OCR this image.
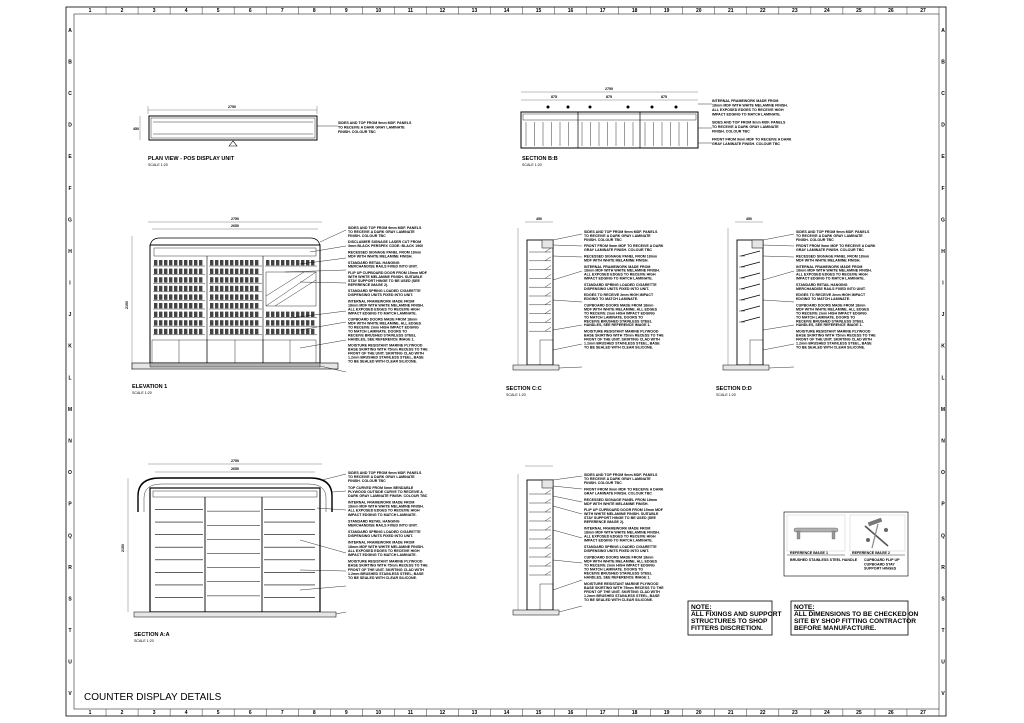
1	2	3	4	5	6	7	8	9	10	11	12	13	14	15	16	17	18	19	20	21	22	23	24	25	26	27
1	2	3	4	5	6	7	8	9	10	11	12	13	14	15	16	17	18	19	20	21	22	23	24	25	26	27
A
B
C
D
E
F
G
H
I
J
K
L
M
N
O
P
Q
R
S
T
U
V
A
B
C
D
E
F
G
H
I
J
K
L
M
N
O
P
Q
R
S
T
U
V
2750
450
SIDES AND TOP FROM 9mm MDF. PANELS TO RECEIVE A DARK GRAY LAMINATE FINISH. COLOUR TBC
PLAN VIEW - POS DISPLAY UNIT
SCALE 1:20
2750
875	875	875
INTERNAL FRAMEWORK MADE FROM 18mm MDF WITH WHITE MELAMINE FINISH. ALL EXPOSED EDGES TO RECEIVE HIGH IMPACT EDGING TO MATCH LAMINATE. SIDES AND TOP FROM 9mm MDF. PANELS TO RECEIVE A DARK GRAY LAMINATE FINISH. COLOUR TBC FRONT FROM 9mm MDF TO RECEIVE A DARK GRAY LAMINATE FINISH. COLOUR TBC
SECTION B:B
SCALE 1:20
2750
2650
2150
SIDES AND TOP FROM 9mm MDF. PANELS TO RECEIVE A DARK GRAY LAMINATE FINISH. COLOUR TBC DISCLAIMER SIGNAGE LASER CUT FROM 3mm BLACK PERSPEX CODE: BLACK 1960 RECESSED SIGNAGE PANEL FROM 18mm MDF WITH WHITE MELAMINE FINISH. STANDARD RETAIL HANGING MERCHANDISE RAILS FIXED INTO UNIT. FLIP UP CUPBOARD DOOR FROM 15mm MDF WITH WHITE MELAMINE FINISH. SUITABLE STAY SUPPORT HINGE TO BE USED (SEE REFERENCE IMAGE 2). STANDARD SPRING LOADED CIGARETTE DISPENSING UNITS FIXED INTO UNIT. INTERNAL FRAMEWORK MADE FROM 18mm MDF WITH WHITE MELAMINE FINISH. ALL EXPOSED EDGES TO RECEIVE HIGH IMPACT EDGING TO MATCH LAMINATE. CUPBOARD DOORS MADE FROM 18mm MDF WITH WHITE MELAMINE. ALL EDGES TO RECEIVE 2mm HIGH IMPACT EDGING TO MATCH LAMINATE. DOORS TO RECEIVE BRUSHED STAINLESS STEEL HANDLES, SEE REFERENCE IMAGE 1. MOISTURE RESISTANT MARINE PLYWOOD BASE SKIRTING WITH 75mm RECESS TO THE FRONT OF THE UNIT. SKIRTING CLAD WITH 1.2mm BRUSHED STAINLESS STEEL, BASE TO BE SEALED WITH CLEAR SILICONE.
ELEVATION 1
SCALE 1:20
450
SIDES AND TOP FROM 9mm MDF. PANELS TO RECEIVE A DARK GRAY LAMINATE FINISH. COLOUR TBC FRONT FROM 9mm MDF TO RECEIVE A DARK GRAY LAMINATE FINISH. COLOUR TBC RECESSED SIGNAGE PANEL FROM 18mm MDF WITH WHITE MELAMINE FINISH. INTERNAL FRAMEWORK MADE FROM 18mm MDF WITH WHITE MELAMINE FINISH. ALL EXPOSED EDGES TO RECEIVE HIGH IMPACT EDGING TO MATCH LAMINATE. STANDARD SPRING LOADED CIGARETTE DISPENSING UNITS FIXED INTO UNIT. EDGES TO RECEIVE 2mm HIGH IMPACT EDGING TO MATCH LAMINATE. CUPBOARD DOORS MADE FROM 18mm MDF WITH WHITE MELAMINE. ALL EDGES TO RECEIVE 2mm HIGH IMPACT EDGING TO MATCH LAMINATE. DOORS TO RECEIVE BRUSHED STAINLESS STEEL HANDLES, SEE REFERENCE IMAGE 1. MOISTURE RESISTANT MARINE PLYWOOD BASE SKIRTING WITH 75mm RECESS TO THE FRONT OF THE UNIT. SKIRTING CLAD WITH 1.2mm BRUSHED STAINLESS STEEL, BASE TO BE SEALED WITH CLEAR SILICONE.
SECTION C:C
SCALE 1:20
450
SIDES AND TOP FROM 9mm MDF. PANELS TO RECEIVE A DARK GRAY LAMINATE FINISH. COLOUR TBC FRONT FROM 9mm MDF TO RECEIVE A DARK GRAY LAMINATE FINISH. COLOUR TBC RECESSED SIGNAGE PANEL FROM 18mm MDF WITH WHITE MELAMINE FINISH. INTERNAL FRAMEWORK MADE FROM 18mm MDF WITH WHITE MELAMINE FINISH. ALL EXPOSED EDGES TO RECEIVE HIGH IMPACT EDGING TO MATCH LAMINATE. STANDARD RETAIL HANGING MERCHANDISE RAILS FIXED INTO UNIT. EDGES TO RECEIVE 2mm HIGH IMPACT EDGING TO MATCH LAMINATE. CUPBOARD DOORS MADE FROM 18mm MDF WITH WHITE MELAMINE. ALL EDGES TO RECEIVE 2mm HIGH IMPACT EDGING TO MATCH LAMINATE. DOORS TO RECEIVE BRUSHED STAINLESS STEEL HANDLES, SEE REFERENCE IMAGE 1. MOISTURE RESISTANT MARINE PLYWOOD BASE SKIRTING WITH 75mm RECESS TO THE FRONT OF THE UNIT. SKIRTING CLAD WITH 1.2mm BRUSHED STAINLESS STEEL, BASE TO BE SEALED WITH CLEAR SILICONE.
SECTION D:D
SCALE 1:20
2750
2650
2150
SIDES AND TOP FROM 9mm MDF. PANELS TO RECEIVE A DARK GRAY LAMINATE FINISH. COLOUR TBC TOP CURVED FROM 6mm BENDABLE PLYWOOD OUTSIDE CURVE TO RECEIVE A DARK GRAY LAMINATE FINISH. COLOUR TBC INTERNAL FRAMEWORK MADE FROM 18mm MDF WITH WHITE MELAMINE FINISH. ALL EXPOSED EDGES TO RECEIVE HIGH IMPACT EDGING TO MATCH LAMINATE. STANDARD RETAIL HANGING MERCHANDISE RAILS FIXED INTO UNIT. STANDARD SPRING LOADED CIGARETTE DISPENSING UNITS FIXED INTO UNIT. INTERNAL FRAMEWORK MADE FROM 18mm MDF WITH WHITE MELAMINE FINISH. ALL EXPOSED EDGES TO RECEIVE HIGH IMPACT EDGING TO MATCH LAMINATE. MOISTURE RESISTANT MARINE PLYWOOD BASE SKIRTING WITH 75mm RECESS TO THE FRONT OF THE UNIT. SKIRTING CLAD WITH 1.2mm BRUSHED STAINLESS STEEL, BASE TO BE SEALED WITH CLEAR SILICONE.
SECTION A:A
SCALE 1:20
SIDES AND TOP FROM 9mm MDF. PANELS TO RECEIVE A DARK GRAY LAMINATE FINISH. COLOUR TBC FRONT FROM 9mm MDF TO RECEIVE A DARK GRAY LAMINATE FINISH. COLOUR TBC RECESSED SIGNAGE PANEL FROM 18mm MDF WITH WHITE MELAMINE FINISH. FLIP UP CUPBOARD DOOR FROM 15mm MDF WITH WHITE MELAMINE FINISH. SUITABLE STAY SUPPORT HINGE TO BE USED (SEE REFERENCE IMAGE 2). INTERNAL FRAMEWORK MADE FROM 18mm MDF WITH WHITE MELAMINE FINISH. ALL EXPOSED EDGES TO RECEIVE HIGH IMPACT EDGING TO MATCH LAMINATE. STANDARD SPRING LOADED CIGARETTE DISPENSING UNITS FIXED INTO UNIT. CUPBOARD DOORS MADE FROM 18mm MDF WITH WHITE MELAMINE. ALL EDGES TO RECEIVE 2mm HIGH IMPACT EDGING TO MATCH LAMINATE. DOORS TO RECEIVE BRUSHED STAINLESS STEEL HANDLES, SEE REFERENCE IMAGE 1. MOISTURE RESISTANT MARINE PLYWOOD BASE SKIRTING WITH 75mm RECESS TO THE FRONT OF THE UNIT. SKIRTING CLAD WITH 1.2mm BRUSHED STAINLESS STEEL, BASE TO BE SEALED WITH CLEAR SILICONE.
REFERENCE IMAGE 1	REFERENCE IMAGE 2
BRUSHED STAINLESS STEEL HANDLE CUPBOARD FLIP UP CUPBOARD STAY SUPPORT HINGES
NOTE: ALL FIXINGS AND SUPPORT STRUCTURES TO SHOP FITTERS DISCRETION.
NOTE: ALL DIMENSIONS TO BE CHECKED ON SITE BY SHOP FITTING CONTRACTOR BEFORE MANUFACTURE.
COUNTER DISPLAY DETAILS
